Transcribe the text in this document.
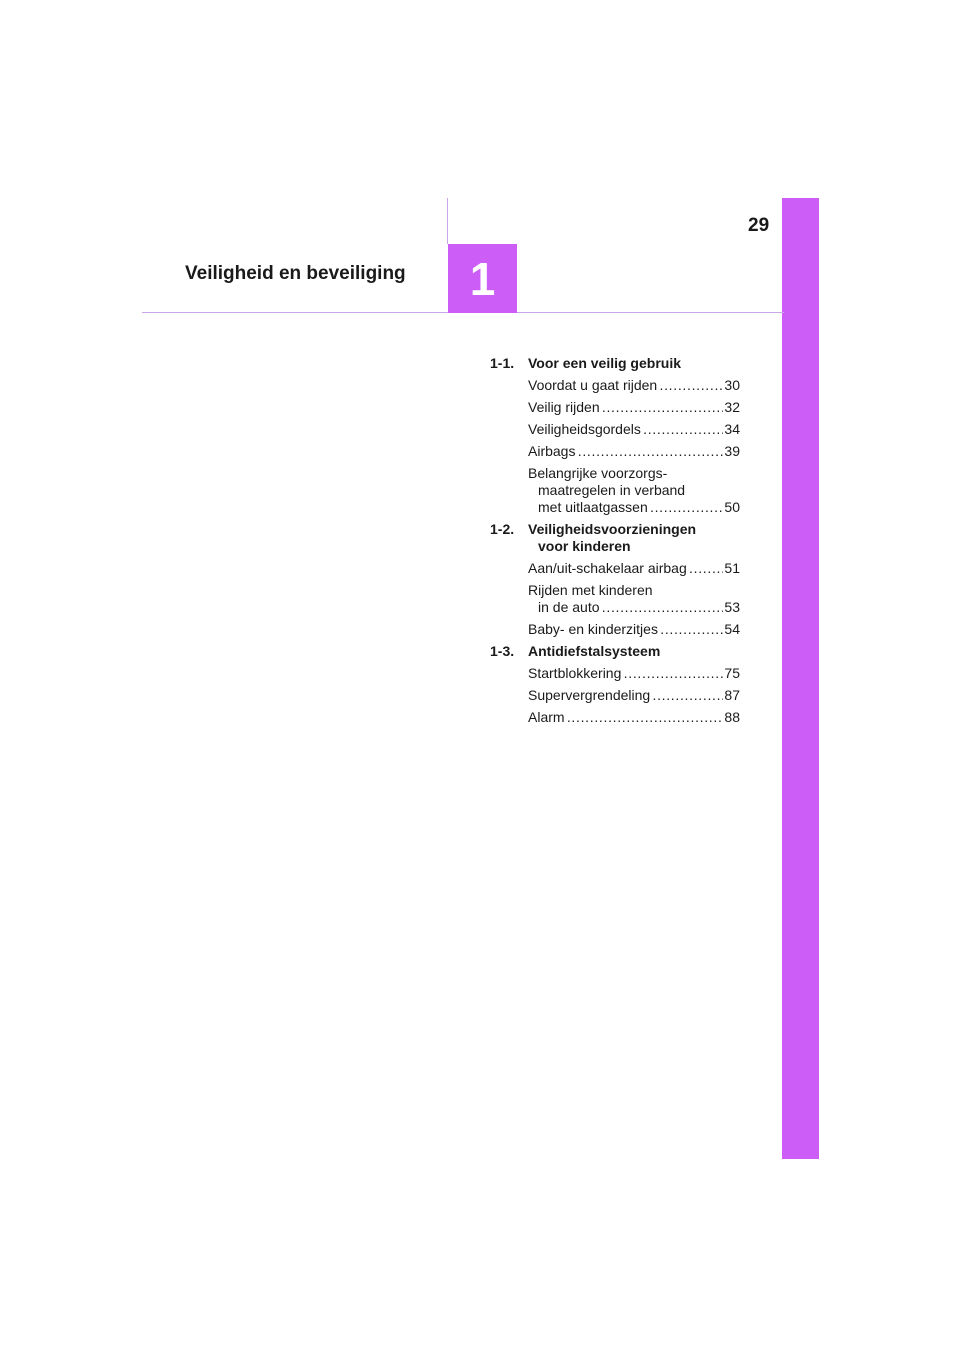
29
1
Veiligheid en beveiliging
1-1. Voor een veilig gebruik
Voordat u gaat rijden . . .	30
Veilig rijden . . .	32
Veiligheidsgordels . . .	34
Airbags . . .	39
Belangrijke voorzorgs-
maatregelen in verband
met uitlaatgassen . . .	50
1-2. Veiligheidsvoorzieningen
voor kinderen
Aan/uit-schakelaar airbag . . .	51
Rijden met kinderen
in de auto . . .	53
Baby- en kinderzitjes . . .	54
1-3. Antidiefstalsysteem
Startblokkering . . .	75
Supervergrendeling . . .	87
Alarm . . .	88
